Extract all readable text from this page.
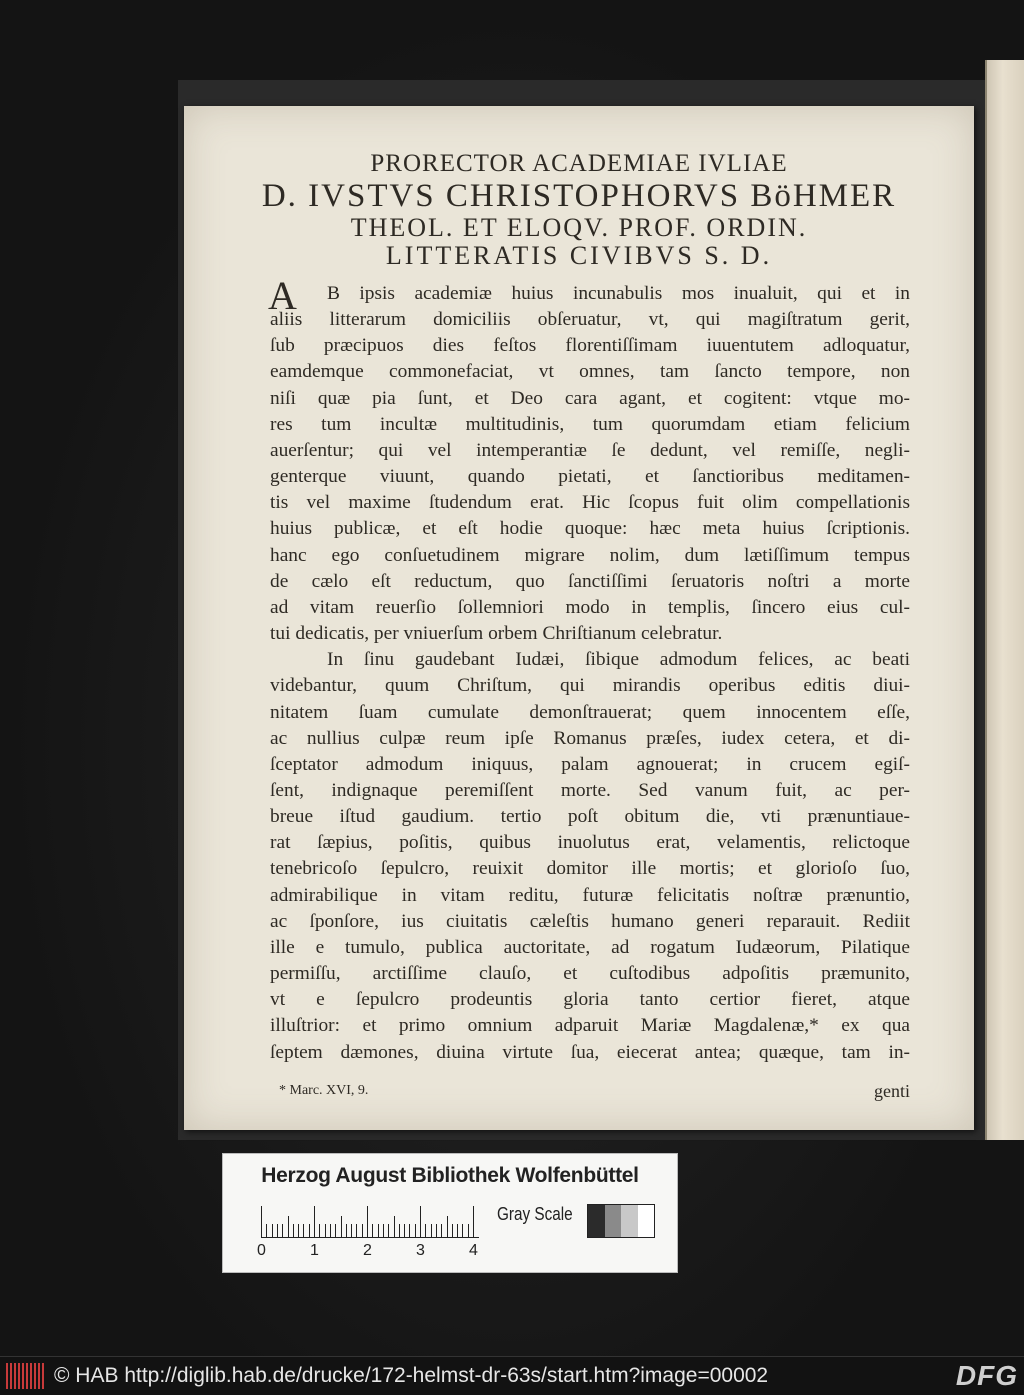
PRORECTOR ACADEMIAE IVLIAE
D. IVSTVS CHRISTOPHORVS BöHMER
THEOL. ET ELOQV. PROF. ORDIN.
LITTERATIS CIVIBVS S. D.
A	B ipsis academiæ huius incunabulis mos inualuit, qui et in
aliis litterarum domiciliis obſeruatur, vt, qui magiſtratum gerit,
ſub præcipuos dies feſtos florentiſſimam iuuentutem adloquatur,
eamdemque commonefaciat, vt omnes, tam ſancto tempore, non
niſi quæ pia ſunt, et Deo cara agant, et cogitent: vtque mo-
res tum incultæ multitudinis, tum quorumdam etiam felicium
auerſentur; qui vel intemperantiæ ſe dedunt, vel remiſſe, negli-
genterque viuunt, quando pietati, et ſanctioribus meditamen-
tis vel maxime ſtudendum erat. Hic ſcopus fuit olim compellationis
huius publicæ, et eſt hodie quoque: hæc meta huius ſcriptionis.
hanc ego conſuetudinem migrare nolim, dum lætiſſimum tempus
de cælo eſt reductum, quo ſanctiſſimi ſeruatoris noſtri a morte
ad vitam reuerſio ſollemniori modo in templis, ſincero eius cul-
tui dedicatis, per vniuerſum orbem Chriſtianum celebratur.
In ſinu gaudebant Iudæi, ſibique admodum felices, ac beati
videbantur, quum Chriſtum, qui mirandis operibus editis diui-
nitatem ſuam cumulate demonſtrauerat; quem innocentem eſſe,
ac nullius culpæ reum ipſe Romanus præſes, iudex cetera, et di-
ſceptator admodum iniquus, palam agnouerat; in crucem egiſ-
ſent, indignaque peremiſſent morte. Sed vanum fuit, ac per-
breue iſtud gaudium. tertio poſt obitum die, vti prænuntiaue-
rat ſæpius, poſitis, quibus inuolutus erat, velamentis, relictoque
tenebricoſo ſepulcro, reuixit domitor ille mortis; et glorioſo ſuo,
admirabilique in vitam reditu, futuræ felicitatis noſtræ prænuntio,
ac ſponſore, ius ciuitatis cæleſtis humano generi reparauit. Rediit
ille e tumulo, publica auctoritate, ad rogatum Iudæorum, Pilatique
permiſſu, arctiſſime clauſo, et cuſtodibus adpoſitis præmunito,
vt e ſepulcro prodeuntis gloria tanto certior fieret, atque
illuſtrior: et primo omnium adparuit Mariæ Magdalenæ,* ex qua
ſeptem dæmones, diuina virtute ſua, eiecerat antea; quæque, tam in-
* Marc. XVI, 9.	genti
Herzog August Bibliothek Wolfenbüttel
0	1	2	3	4
Gray Scale
© HAB http://diglib.hab.de/drucke/172-helmst-dr-63s/start.htm?image=00002	DFG
